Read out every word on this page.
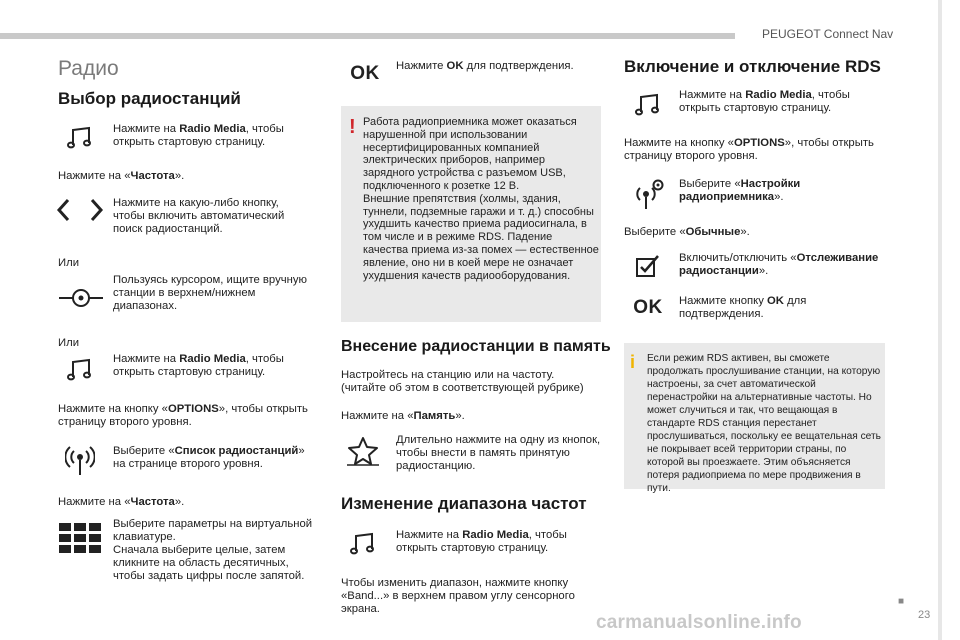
PEUGEOT Connect Nav
Радио
Выбор радиостанций
Нажмите на Radio Media, чтобы открыть стартовую страницу.
Нажмите на «Частота».
Нажмите на какую-либо кнопку, чтобы включить автоматический поиск радиостанций.
Или
Пользуясь курсором, ищите вручную станции в верхнем/нижнем диапазонах.
Или
Нажмите на Radio Media, чтобы открыть стартовую страницу.
Нажмите на кнопку «OPTIONS», чтобы открыть страницу второго уровня.
Выберите «Список радиостанций» на странице второго уровня.
Нажмите на «Частота».
Выберите параметры на виртуальной клавиатуре.
Сначала выберите целые, затем кликните на область десятичных, чтобы задать цифры после запятой.
OK	Нажмите OK для подтверждения.
! Работа радиоприемника может оказаться нарушенной при использовании несертифицированных компанией электрических приборов, например зарядного устройства с разъемом USB, подключенного к розетке 12 В.
Внешние препятствия (холмы, здания, туннели, подземные гаражи и т. д.) способны ухудшить качество приема радиосигнала, в том числе и в режиме RDS. Падение качества приема из-за помех — естественное явление, оно ни в коей мере не означает ухудшения качеств радиооборудования.
Внесение радиостанции в память
Настройтесь на станцию или на частоту. (читайте об этом в соответствующей рубрике)
Нажмите на «Память».
Длительно нажмите на одну из кнопок, чтобы внести в память принятую радиостанцию.
Изменение диапазона частот
Нажмите на Radio Media, чтобы открыть стартовую страницу.
Чтобы изменить диапазон, нажмите кнопку «Band...» в верхнем правом углу сенсорного экрана.
Включение и отключение RDS
Нажмите на Radio Media, чтобы открыть стартовую страницу.
Нажмите на кнопку «OPTIONS», чтобы открыть страницу второго уровня.
Выберите «Настройки радиоприемника».
Выберите «Обычные».
Включить/отключить «Отслеживание радиостанции».
OK	Нажмите кнопку OK для подтверждения.
i Если режим RDS активен, вы сможете продолжать прослушивание станции, на которую настроены, за счет автоматической перенастройки на альтернативные частоты. Но может случиться и так, что вещающая в стандарте RDS станция перестанет прослушиваться, поскольку ее вещательная сеть не покрывает всей территории страны, по которой вы проезжаете. Этим объясняется потеря радиоприема по мере продвижения в пути.
carmanualsonline.info
■
23
